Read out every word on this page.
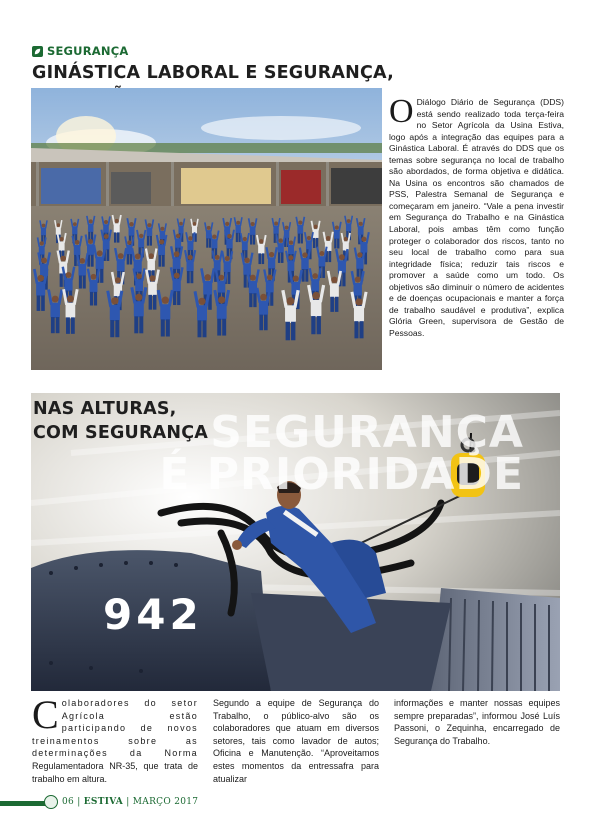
SEGURANÇA
GINÁSTICA LABORAL E SEGURANÇA,
O Diálogo Diário de Segurança (DDS) está sendo realizado toda terça-feira no Setor Agrícola da Usina Estiva, logo após a integração das equipes para a Ginástica Laboral. É através do DDS que os temas sobre segurança no local de trabalho são abordados, de forma objetiva e didática. Na Usina os encontros são chamados de PSS, Palestra Semanal de Segurança e começaram em janeiro. “Vale a pena investir em Segurança do Trabalho e na Ginástica Laboral, pois ambas têm como função proteger o colaborador dos riscos, tanto no seu local de trabalho como para sua integridade física; reduzir tais riscos e promover a saúde como um todo. Os objetivos são diminuir o número de acidentes e de doenças ocupacionais e manter a força de trabalho saudável e produtiva”, explica Glória Green, supervisora de Gestão de Pessoas.
942
SEGURANÇA
É PRIORIDADE
NAS ALTURAS,
COM SEGURANÇA
C olaboradores do setor Agrícola estão participando de novos treinamentos sobre as determinações da Norma Regulamentadora NR-35, que trata de trabalho em altura.
Segundo a equipe de Segurança do Trabalho, o público-alvo são os colaboradores que atuam em diversos setores, tais como lavador de autos; Oficina e Manutenção. “Aproveitamos estes momentos da entressafra para atualizar
informações e manter nossas equipes sempre preparadas”, informou José Luís Passoni, o Zequinha, encarregado de Segurança do Trabalho.
06 | ESTIVA | MARÇO 2017
